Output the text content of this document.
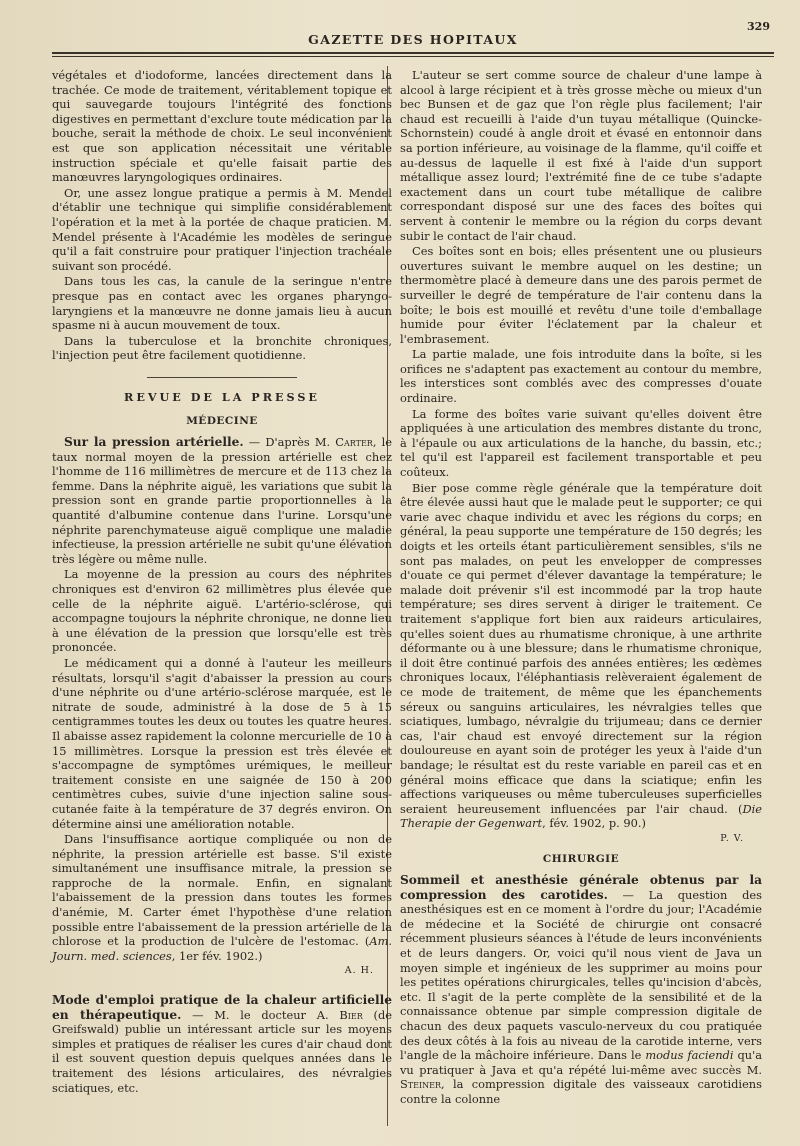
GAZETTE DES HOPITAUX
329

végétales et d'iodoforme, lancées directement dans la trachée. Ce mode de traitement, véritablement topique et qui sauvegarde toujours l'intégrité des fonctions digestives en permettant d'exclure toute médication par la bouche, serait la méthode de choix. Le seul inconvénient est que son application nécessitait une véritable instruction spéciale et qu'elle faisait partie des manœuvres laryngologiques ordinaires.

Or, une assez longue pratique a permis à M. Mendel d'établir une technique qui simplifie considérablement l'opération et la met à la portée de chaque praticien. M. Mendel présente à l'Académie les modèles de seringue qu'il a fait construire pour pratiquer l'injection trachéale suivant son procédé.

Dans tous les cas, la canule de la seringue n'entre presque pas en contact avec les organes pharyngo-laryngiens et la manœuvre ne donne jamais lieu à aucun spasme ni à aucun mouvement de toux.

Dans la tuberculose et la bronchite chroniques, l'injection peut être facilement quotidienne.

REVUE DE LA PRESSE
MÉDECINE

Sur la pression artérielle. — D'après M. Carter, le taux normal moyen de la pression artérielle est chez l'homme de 116 millimètres de mercure et de 113 chez la femme. Dans la néphrite aiguë, les variations que subit la pression sont en grande partie proportionnelles à la quantité d'albumine contenue dans l'urine. Lorsqu'une néphrite parenchymateuse aiguë complique une maladie infectieuse, la pression artérielle ne subit qu'une élévation très légère ou même nulle.

La moyenne de la pression au cours des néphrites chroniques est d'environ 62 millimètres plus élevée que celle de la néphrite aiguë. L'artério-sclérose, qui accompagne toujours la néphrite chronique, ne donne lieu à une élévation de la pression que lorsqu'elle est très prononcée.

Le médicament qui a donné à l'auteur les meilleurs résultats, lorsqu'il s'agit d'abaisser la pression au cours d'une néphrite ou d'une artério-sclérose marquée, est le nitrate de soude, administré à la dose de 5 à 15 centigrammes toutes les deux ou toutes les quatre heures. Il abaisse assez rapidement la colonne mercurielle de 10 à 15 millimètres. Lorsque la pression est très élevée et s'accompagne de symptômes urémiques, le meilleur traitement consiste en une saignée de 150 à 200 centimètres cubes, suivie d'une injection saline sous-cutanée faite à la température de 37 degrés environ. On détermine ainsi une amélioration notable.

Dans l'insuffisance aortique compliquée ou non de néphrite, la pression artérielle est basse. S'il existe simultanément une insuffisance mitrale, la pression se rapproche de la normale. Enfin, en signalant l'abaissement de la pression dans toutes les formes d'anémie, M. Carter émet l'hypothèse d'une relation possible entre l'abaissement de la pression artérielle de la chlorose et la production de l'ulcère de l'estomac. (Am. Journ. med. sciences, 1er fév. 1902.)

A. H.

Mode d'emploi pratique de la chaleur artificielle en thérapeutique. — M. le docteur A. Bier (de Greifswald) publie un intéressant article sur les moyens simples et pratiques de réaliser les cures d'air chaud dont il est souvent question depuis quelques années dans le traitement des lésions articulaires, des névralgies sciatiques, etc.

L'auteur se sert comme source de chaleur d'une lampe à alcool à large récipient et à très grosse mèche ou mieux d'un bec Bunsen et de gaz que l'on règle plus facilement; l'air chaud est recueilli à l'aide d'un tuyau métallique (Quincke-Schornstein) coudé à angle droit et évasé en entonnoir dans sa portion inférieure, au voisinage de la flamme, qu'il coiffe et au-dessus de laquelle il est fixé à l'aide d'un support métallique assez lourd; l'extrémité fine de ce tube s'adapte exactement dans un court tube métallique de calibre correspondant disposé sur une des faces des boîtes qui servent à contenir le membre ou la région du corps devant subir le contact de l'air chaud.

Ces boîtes sont en bois; elles présentent une ou plusieurs ouvertures suivant le membre auquel on les destine; un thermomètre placé à demeure dans une des parois permet de surveiller le degré de température de l'air contenu dans la boîte; le bois est mouillé et revêtu d'une toile d'emballage humide pour éviter l'éclatement par la chaleur et l'embrasement.

La partie malade, une fois introduite dans la boîte, si les orifices ne s'adaptent pas exactement au contour du membre, les interstices sont comblés avec des compresses d'ouate ordinaire.

La forme des boîtes varie suivant qu'elles doivent être appliquées à une articulation des membres distante du tronc, à l'épaule ou aux articulations de la hanche, du bassin, etc.; tel qu'il est l'appareil est facilement transportable et peu coûteux.

Bier pose comme règle générale que la température doit être élevée aussi haut que le malade peut le supporter; ce qui varie avec chaque individu et avec les régions du corps; en général, la peau supporte une température de 150 degrés; les doigts et les orteils étant particulièrement sensibles, s'ils ne sont pas malades, on peut les envelopper de compresses d'ouate ce qui permet d'élever davantage la température; le malade doit prévenir s'il est incommodé par la trop haute température; ses dires servent à diriger le traitement. Ce traitement s'applique fort bien aux raideurs articulaires, qu'elles soient dues au rhumatisme chronique, à une arthrite déformante ou à une blessure; dans le rhumatisme chronique, il doit être continué parfois des années entières; les œdèmes chroniques locaux, l'éléphantiasis relèveraient également de ce mode de traitement, de même que les épanchements séreux ou sanguins articulaires, les névralgies telles que sciatiques, lumbago, névralgie du trijumeau; dans ce dernier cas, l'air chaud est envoyé directement sur la région douloureuse en ayant soin de protéger les yeux à l'aide d'un bandage; le résultat est du reste variable en pareil cas et en général moins efficace que dans la sciatique; enfin les affections variqueuses ou même tuberculeuses superficielles seraient heureusement influencées par l'air chaud. (Die Therapie der Gegenwart, fév. 1902, p. 90.)

P. V.
CHIRURGIE

Sommeil et anesthésie générale obtenus par la compression des carotides. — La question des anesthésiques est en ce moment à l'ordre du jour; l'Académie de médecine et la Société de chirurgie ont consacré récemment plusieurs séances à l'étude de leurs inconvénients et de leurs dangers. Or, voici qu'il nous vient de Java un moyen simple et ingénieux de les supprimer au moins pour les petites opérations chirurgicales, telles qu'incision d'abcès, etc. Il s'agit de la perte complète de la sensibilité et de la connaissance obtenue par simple compression digitale de chacun des deux paquets vasculo-nerveux du cou pratiquée des deux côtés à la fois au niveau de la carotide interne, vers l'angle de la mâchoire inférieure. Dans le modus faciendi qu'a vu pratiquer à Java et qu'a répété lui-même avec succès M. Steiner, la compression digitale des vaisseaux carotidiens contre la colonne
